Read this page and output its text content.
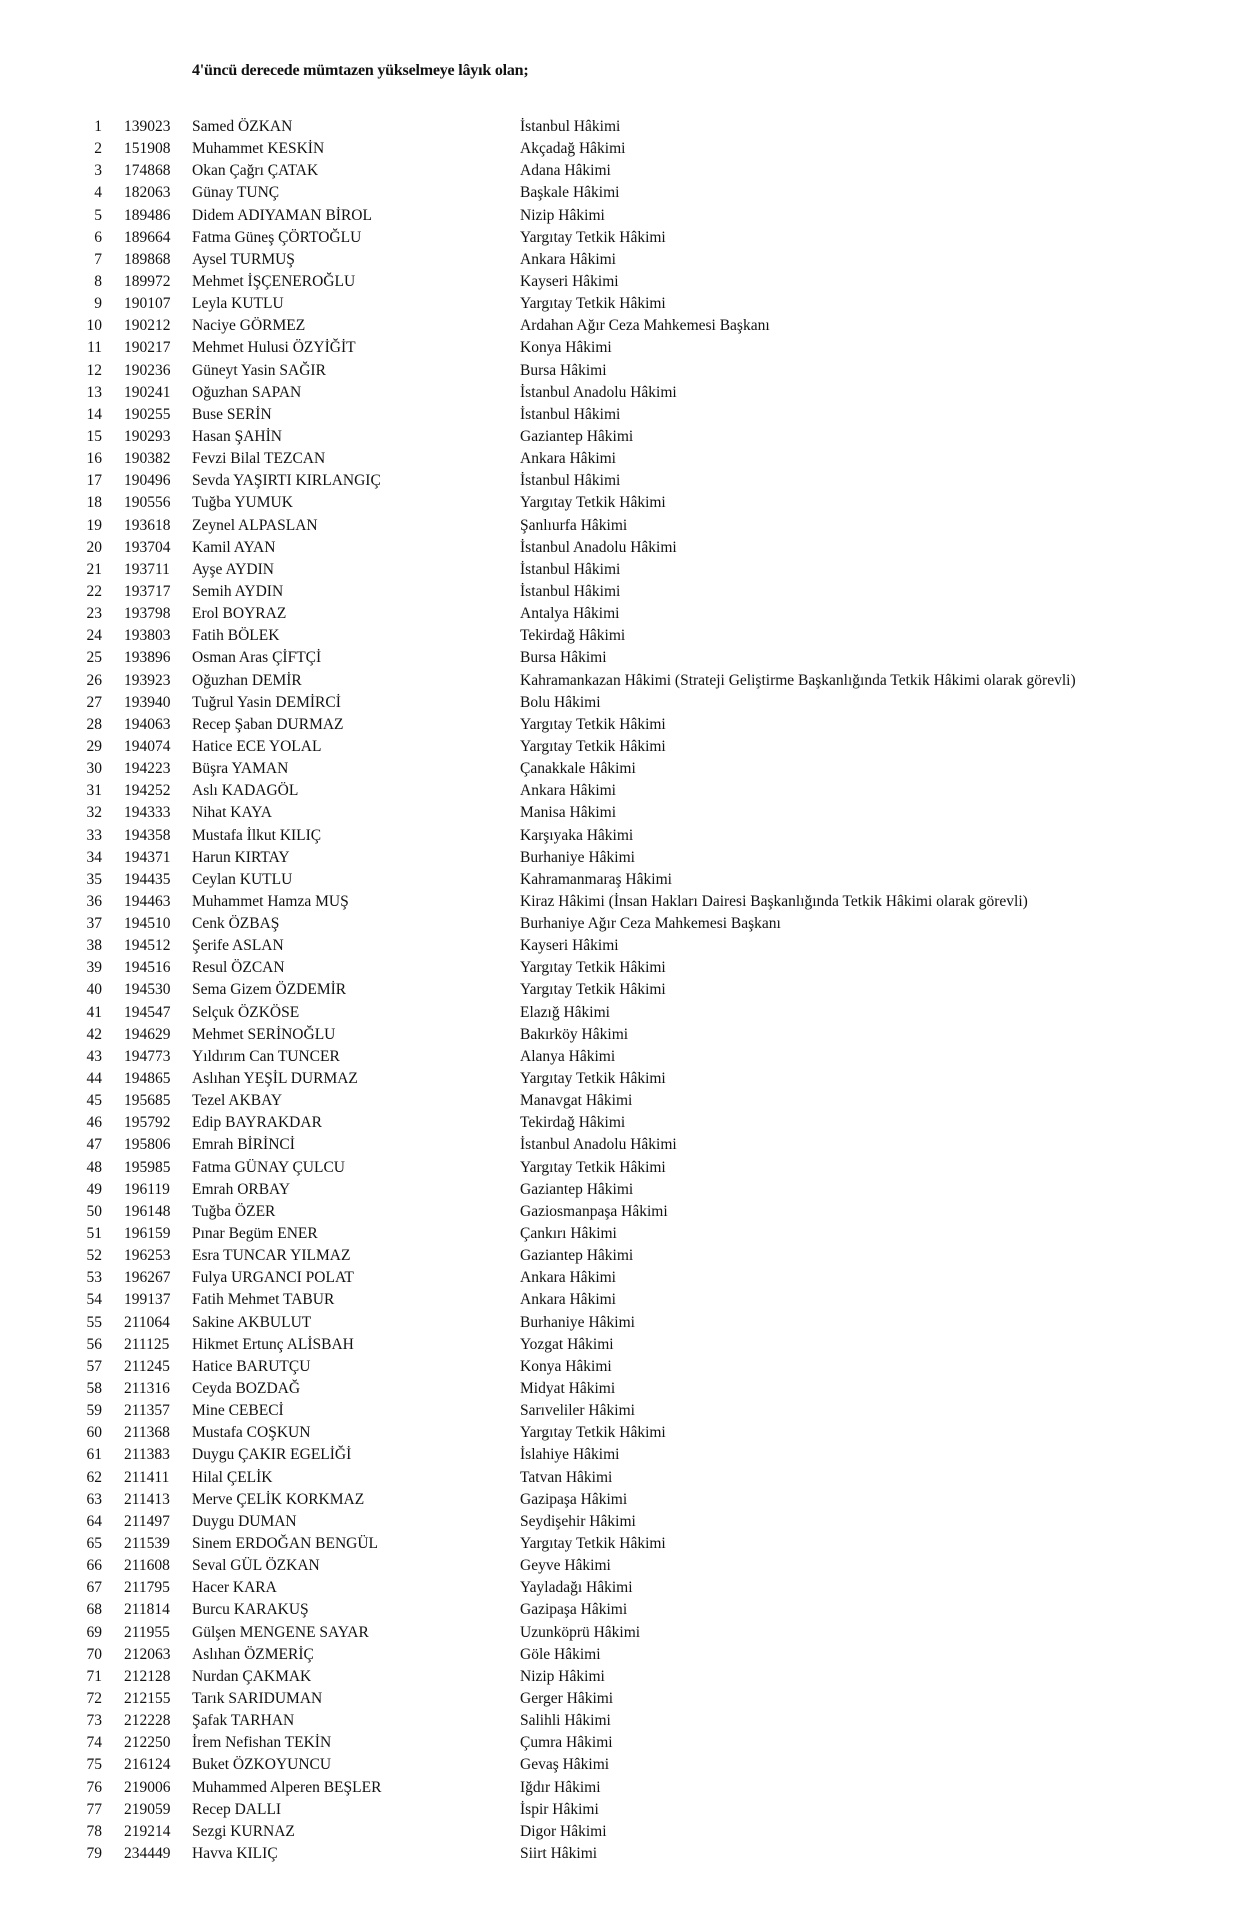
4'üncü derecede mümtazen yükselmeye lâyık olan;
1 139023 Samed ÖZKAN	İstanbul Hâkimi
2 151908 Muhammet KESKİN	Akçadağ Hâkimi
3 174868 Okan Çağrı ÇATAK	Adana Hâkimi
4 182063 Günay TUNÇ	Başkale Hâkimi
5 189486 Didem ADIYAMAN BİROL	Nizip Hâkimi
6 189664 Fatma Güneş ÇÖRTOĞLU	Yargıtay Tetkik Hâkimi
7 189868 Aysel TURMUŞ	Ankara Hâkimi
8 189972 Mehmet İŞÇENEROĞLU	Kayseri Hâkimi
9 190107 Leyla KUTLU	Yargıtay Tetkik Hâkimi
10 190212 Naciye GÖRMEZ	Ardahan Ağır Ceza Mahkemesi Başkanı
11 190217 Mehmet Hulusi ÖZYİĞİT	Konya Hâkimi
12 190236 Güneyt Yasin SAĞIR	Bursa Hâkimi
13 190241 Oğuzhan SAPAN	İstanbul Anadolu Hâkimi
14 190255 Buse SERİN	İstanbul Hâkimi
15 190293 Hasan ŞAHİN	Gaziantep Hâkimi
16 190382 Fevzi Bilal TEZCAN	Ankara Hâkimi
17 190496 Sevda YAŞIRTI KIRLANGIÇ	İstanbul Hâkimi
18 190556 Tuğba YUMUK	Yargıtay Tetkik Hâkimi
19 193618 Zeynel ALPASLAN	Şanlıurfa Hâkimi
20 193704 Kamil AYAN	İstanbul Anadolu Hâkimi
21 193711 Ayşe AYDIN	İstanbul Hâkimi
22 193717 Semih AYDIN	İstanbul Hâkimi
23 193798 Erol BOYRAZ	Antalya Hâkimi
24 193803 Fatih BÖLEK	Tekirdağ Hâkimi
25 193896 Osman Aras ÇİFTÇİ	Bursa Hâkimi
26 193923 Oğuzhan DEMİR	Kahramankazan Hâkimi (Strateji Geliştirme Başkanlığında Tetkik Hâkimi olarak görevli)
27 193940 Tuğrul Yasin DEMİRCİ	Bolu Hâkimi
28 194063 Recep Şaban DURMAZ	Yargıtay Tetkik Hâkimi
29 194074 Hatice ECE YOLAL	Yargıtay Tetkik Hâkimi
30 194223 Büşra YAMAN	Çanakkale Hâkimi
31 194252 Aslı KADAGÖL	Ankara Hâkimi
32 194333 Nihat KAYA	Manisa Hâkimi
33 194358 Mustafa İlkut KILIÇ	Karşıyaka Hâkimi
34 194371 Harun KIRTAY	Burhaniye Hâkimi
35 194435 Ceylan KUTLU	Kahramanmaraş Hâkimi
36 194463 Muhammet Hamza MUŞ	Kiraz Hâkimi (İnsan Hakları Dairesi Başkanlığında Tetkik Hâkimi olarak görevli)
37 194510 Cenk ÖZBAŞ	Burhaniye Ağır Ceza Mahkemesi Başkanı
38 194512 Şerife ASLAN	Kayseri Hâkimi
39 194516 Resul ÖZCAN	Yargıtay Tetkik Hâkimi
40 194530 Sema Gizem ÖZDEMİR	Yargıtay Tetkik Hâkimi
41 194547 Selçuk ÖZKÖSE	Elazığ Hâkimi
42 194629 Mehmet SERİNOĞLU	Bakırköy Hâkimi
43 194773 Yıldırım Can TUNCER	Alanya Hâkimi
44 194865 Aslıhan YEŞİL DURMAZ	Yargıtay Tetkik Hâkimi
45 195685 Tezel AKBAY	Manavgat Hâkimi
46 195792 Edip BAYRAKDAR	Tekirdağ Hâkimi
47 195806 Emrah BİRİNCİ	İstanbul Anadolu Hâkimi
48 195985 Fatma GÜNAY ÇULCU	Yargıtay Tetkik Hâkimi
49 196119 Emrah ORBAY	Gaziantep Hâkimi
50 196148 Tuğba ÖZER	Gaziosmanpaşa Hâkimi
51 196159 Pınar Begüm ENER	Çankırı Hâkimi
52 196253 Esra TUNCAR YILMAZ	Gaziantep Hâkimi
53 196267 Fulya URGANCI POLAT	Ankara Hâkimi
54 199137 Fatih Mehmet TABUR	Ankara Hâkimi
55 211064 Sakine AKBULUT	Burhaniye Hâkimi
56 211125 Hikmet Ertunç ALİSBAH	Yozgat Hâkimi
57 211245 Hatice BARUTÇU	Konya Hâkimi
58 211316 Ceyda BOZDAĞ	Midyat Hâkimi
59 211357 Mine CEBECİ	Sarıveliler Hâkimi
60 211368 Mustafa COŞKUN	Yargıtay Tetkik Hâkimi
61 211383 Duygu ÇAKIR EGELİĞİ	İslahiye Hâkimi
62 211411 Hilal ÇELİK	Tatvan Hâkimi
63 211413 Merve ÇELİK KORKMAZ	Gazipaşa Hâkimi
64 211497 Duygu DUMAN	Seydişehir Hâkimi
65 211539 Sinem ERDOĞAN BENGÜL	Yargıtay Tetkik Hâkimi
66 211608 Seval GÜL ÖZKAN	Geyve Hâkimi
67 211795 Hacer KARA	Yayladağı Hâkimi
68 211814 Burcu KARAKUŞ	Gazipaşa Hâkimi
69 211955 Gülşen MENGENE SAYAR	Uzunköprü Hâkimi
70 212063 Aslıhan ÖZMERİÇ	Göle Hâkimi
71 212128 Nurdan ÇAKMAK	Nizip Hâkimi
72 212155 Tarık SARIDUMAN	Gerger Hâkimi
73 212228 Şafak TARHAN	Salihli Hâkimi
74 212250 İrem Nefishan TEKİN	Çumra Hâkimi
75 216124 Buket ÖZKOYUNCU	Gevaş Hâkimi
76 219006 Muhammed Alperen BEŞLER	Iğdır Hâkimi
77 219059 Recep DALLI	İspir Hâkimi
78 219214 Sezgi KURNAZ	Digor Hâkimi
79 234449 Havva KILIÇ	Siirt Hâkimi
